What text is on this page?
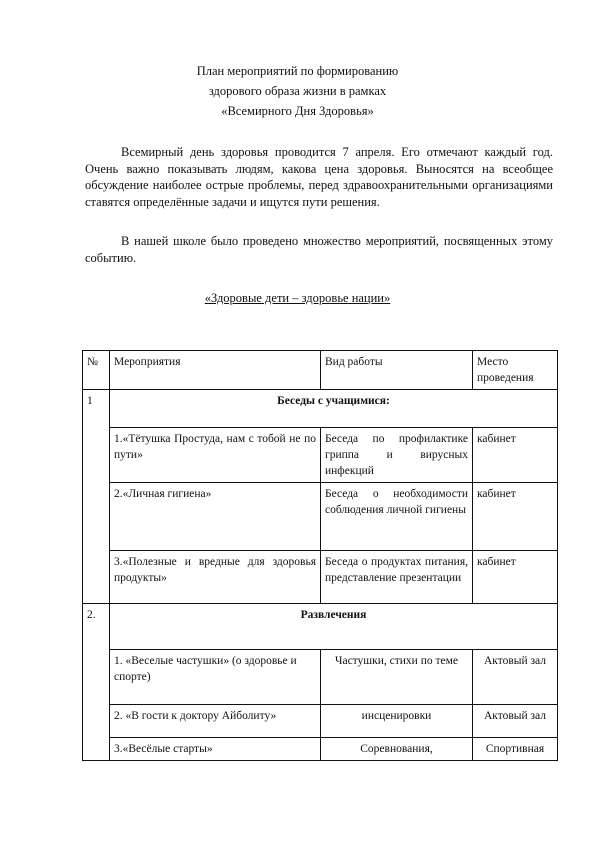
План мероприятий по формированию
здорового образа жизни в рамках
«Всемирного Дня Здоровья»
Всемирный день здоровья проводится 7 апреля. Его отмечают каждый год. Очень важно показывать людям, какова цена здоровья. Выносятся на всеобщее обсуждение наиболее острые проблемы, перед здравоохранительными организациями ставятся определённые задачи и ищутся пути решения.
В нашей школе было проведено множество мероприятий, посвященных этому событию.
«Здоровые дети – здоровье нации»
№	Мероприятия	Вид работы	Место проведения
1	Беседы с учащимися:		
	1.«Тётушка Простуда, нам с тобой не по пути»	Беседа по профилактике гриппа и вирусных инфекций	кабинет
	2.«Личная гигиена»	Беседа о необходимости соблюдения личной гигиены	кабинет
	3.«Полезные и вредные для здоровья продукты»	Беседа о продуктах питания, представление презентации	кабинет
2.	Развлечения		
	1. «Веселые частушки» (о здоровье и спорте)	Частушки, стихи по теме	Актовый зал
	2. «В гости к доктору Айболиту»	инсценировки	Актовый зал
	3.«Весёлые старты»	Соревнования,	Спортивная
